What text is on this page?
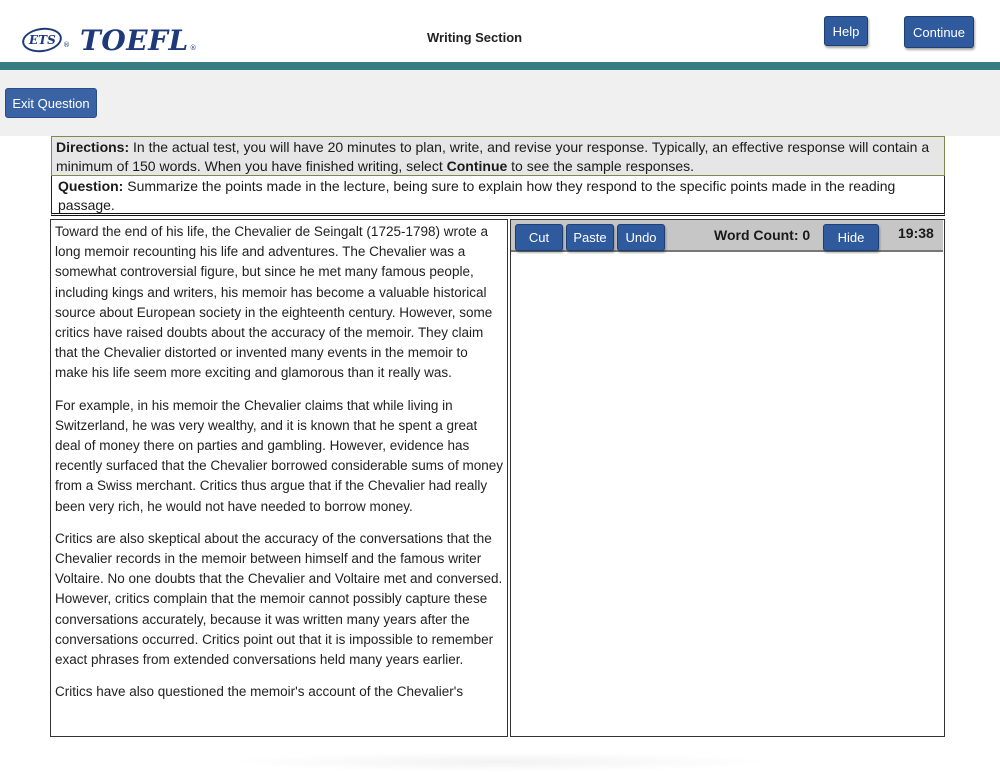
ETS ® TOEFL ®
Writing Section	Help	Continue
Exit Question
Directions: In the actual test, you will have 20 minutes to plan, write, and revise your response. Typically, an effective response will contain a minimum of 150 words. When you have finished writing, select Continue to see the sample responses.
Question: Summarize the points made in the lecture, being sure to explain how they respond to the specific points made in the reading passage.

Toward the end of his life, the Chevalier de Seingalt (1725-1798) wrote a long memoir recounting his life and adventures. The Chevalier was a somewhat controversial figure, but since he met many famous people, including kings and writers, his memoir has become a valuable historical source about European society in the eighteenth century. However, some critics have raised doubts about the accuracy of the memoir. They claim that the Chevalier distorted or invented many events in the memoir to make his life seem more exciting and glamorous than it really was.

For example, in his memoir the Chevalier claims that while living in Switzerland, he was very wealthy, and it is known that he spent a great deal of money there on parties and gambling. However, evidence has recently surfaced that the Chevalier borrowed considerable sums of money from a Swiss merchant. Critics thus argue that if the Chevalier had really been very rich, he would not have needed to borrow money.

Critics are also skeptical about the accuracy of the conversations that the Chevalier records in the memoir between himself and the famous writer Voltaire. No one doubts that the Chevalier and Voltaire met and conversed. However, critics complain that the memoir cannot possibly capture these conversations accurately, because it was written many years after the conversations occurred. Critics point out that it is impossible to remember exact phrases from extended conversations held many years earlier.

Critics have also questioned the memoir's account of the Chevalier's

Cut	Paste	Undo	Word Count: 0	Hide	19:38
